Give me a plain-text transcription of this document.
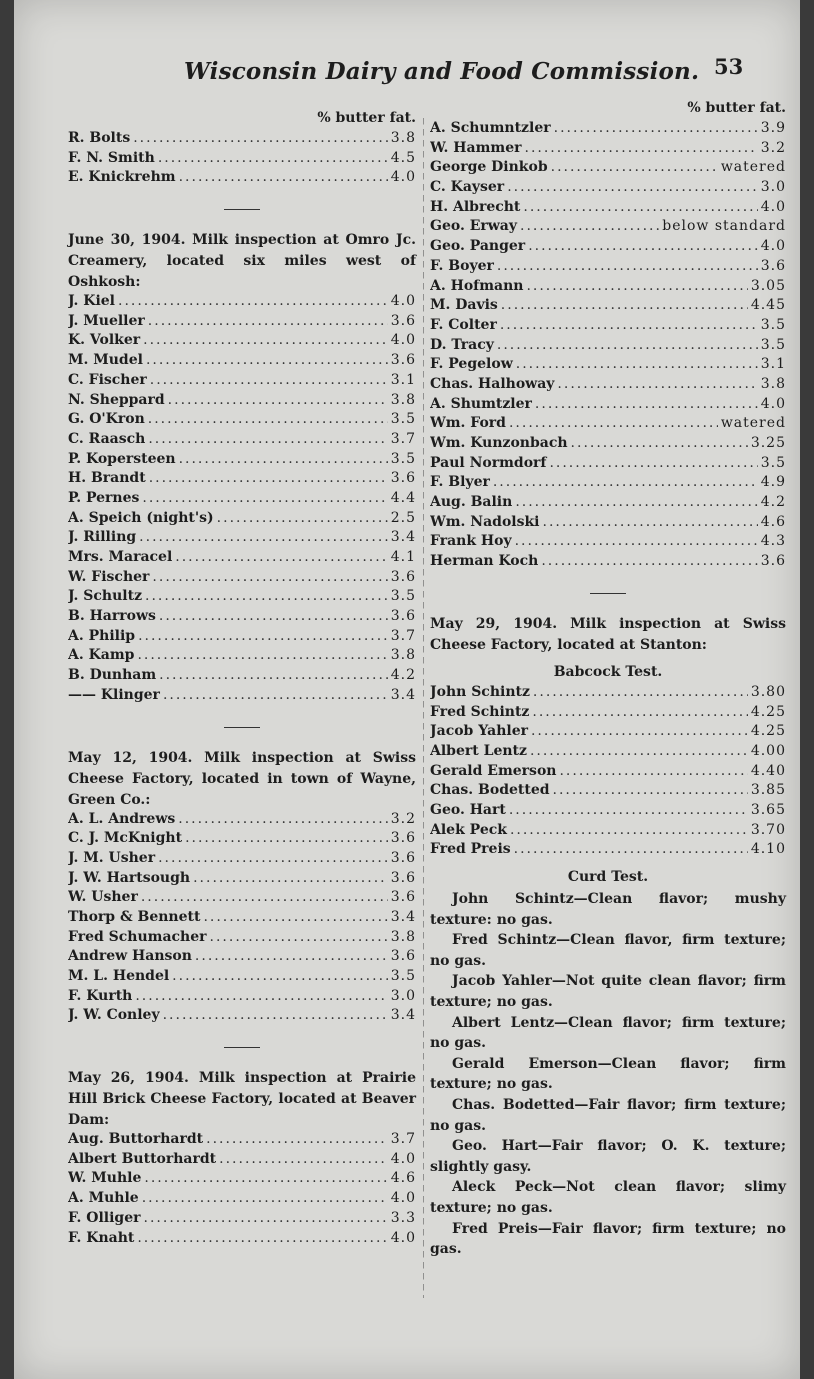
Wisconsin Dairy and Food Commission. 53
% butter fat.
R. Bolts .....	3.8
F. N. Smith .....	4.5
E. Knickrehm .....	4.0
June 30, 1904. Milk inspection at Omro Jc. Creamery, located six miles west of Oshkosh:
J. Kiel .....	4.0
J. Mueller .....	3.6
K. Volker .....	4.0
M. Mudel .....	3.6
C. Fischer .....	3.1
N. Sheppard .....	3.8
G. O'Kron .....	3.5
C. Raasch .....	3.7
P. Kopersteen .....	3.5
H. Brandt .....	3.6
P. Pernes .....	4.4
A. Speich (night's) .....	2.5
J. Rilling .....	3.4
Mrs. Maracel .....	4.1
W. Fischer .....	3.6
J. Schultz .....	3.5
B. Harrows .....	3.6
A. Philip .....	3.7
A. Kamp .....	3.8
B. Dunham .....	4.2
—— Klinger .....	3.4
May 12, 1904. Milk inspection at Swiss Cheese Factory, located in town of Wayne, Green Co.:
A. L. Andrews .....	3.2
C. J. McKnight .....	3.6
J. M. Usher .....	3.6
J. W. Hartsough .....	3.6
W. Usher .....	3.6
Thorp & Bennett .....	3.4
Fred Schumacher .....	3.8
Andrew Hanson .....	3.6
M. L. Hendel .....	3.5
F. Kurth .....	3.0
J. W. Conley .....	3.4
May 26, 1904. Milk inspection at Prairie Hill Brick Cheese Factory, located at Beaver Dam:
Aug. Buttorhardt .....	3.7
Albert Buttorhardt .....	4.0
W. Muhle .....	4.6
A. Muhle .....	4.0
F. Olliger .....	3.3
F. Knaht .....	4.0
% butter fat.
A. Schumntzler .....	3.9
W. Hammer .....	3.2
George Dinkob .....	watered
C. Kayser .....	3.0
H. Albrecht .....	4.0
Geo. Erway .....	below standard
Geo. Panger .....	4.0
F. Boyer .....	3.6
A. Hofmann .....	3.05
M. Davis .....	4.45
F. Colter .....	3.5
D. Tracy .....	3.5
F. Pegelow .....	3.1
Chas. Halhoway .....	3.8
A. Shumtzler .....	4.0
Wm. Ford .....	watered
Wm. Kunzonbach .....	3.25
Paul Normdorf .....	3.5
F. Blyer .....	4.9
Aug. Balin .....	4.2
Wm. Nadolski .....	4.6
Frank Hoy .....	4.3
Herman Koch .....	3.6
May 29, 1904. Milk inspection at Swiss Cheese Factory, located at Stanton:
Babcock Test.
John Schintz .....	3.80
Fred Schintz .....	4.25
Jacob Yahler .....	4.25
Albert Lentz .....	4.00
Gerald Emerson .....	4.40
Chas. Bodetted .....	3.85
Geo. Hart .....	3.65
Alek Peck .....	3.70
Fred Preis .....	4.10
Curd Test.
John Schintz—Clean flavor; mushy texture: no gas.
Fred Schintz—Clean flavor, firm texture; no gas.
Jacob Yahler—Not quite clean flavor; firm texture; no gas.
Albert Lentz—Clean flavor; firm texture; no gas.
Gerald Emerson—Clean flavor; firm texture; no gas.
Chas. Bodetted—Fair flavor; firm texture; no gas.
Geo. Hart—Fair flavor; O. K. texture; slightly gasy.
Aleck Peck—Not clean flavor; slimy texture; no gas.
Fred Preis—Fair flavor; firm texture; no gas.
